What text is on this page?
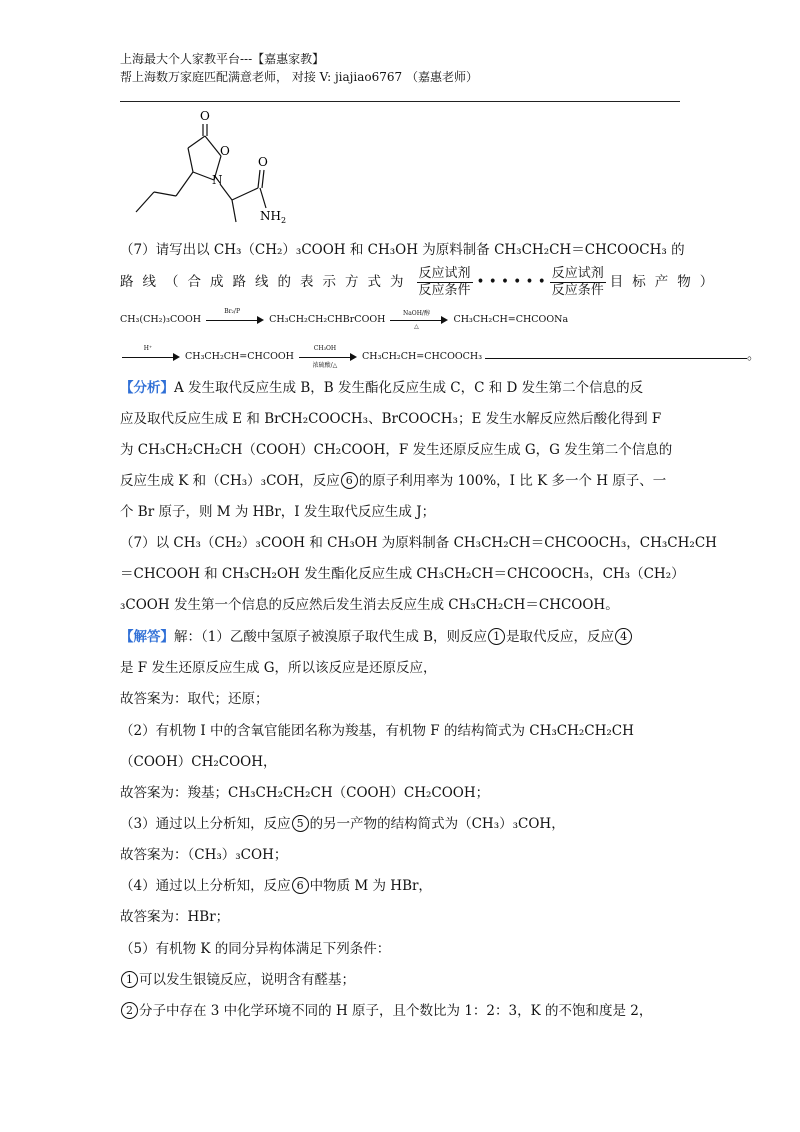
上海最大个人家教平台---【嘉惠家教】
帮上海数万家庭匹配满意老师， 对接 V: jiajiao6767 （嘉惠老师）
O
O
N
O
$NH_2$
（7）请写出以 CH₃（CH₂）₃COOH 和 CH₃OH 为原料制备 CH₃CH₂CH＝CHCOOCH₃ 的
路线（合成路线的表示方式为 $\frac{\text{反应试剂}}{\text{反应条件}}$ • • • • • • $\frac{\text{反应试剂}}{\text{反应条件}}$ 目标产物）
CH₃(CH₂)₃COOH
Br₂/P
CH₃CH₂CH₂CHBrCOOH
NaOH/醇
△
CH₃CH₂CH=CHCOONa
H⁺
CH₃CH₂CH=CHCOOH
CH₃OH
浓硫酸/△
CH₃CH₂CH=CHCOOCH₃	。
【分析】A 发生取代反应生成 B，B 发生酯化反应生成 C，C 和 D 发生第二个信息的反
应及取代反应生成 E 和 BrCH₂COOCH₃、BrCOOCH₃；E 发生水解反应然后酸化得到 F
为 CH₃CH₂CH₂CH（COOH）CH₂COOH，F 发生还原反应生成 G，G 发生第二个信息的
反应生成 K 和（CH₃）₃COH，反应 6 的原子利用率为 100%，I 比 K 多一个 H 原子、一
个 Br 原子，则 M 为 HBr，I 发生取代反应生成 J；
（7）以 CH₃（CH₂）₃COOH 和 CH₃OH 为原料制备 CH₃CH₂CH＝CHCOOCH₃，CH₃CH₂CH
＝CHCOOH 和 CH₃CH₂OH 发生酯化反应生成 CH₃CH₂CH＝CHCOOCH₃，CH₃（CH₂）
₃COOH 发生第一个信息的反应然后发生消去反应生成 CH₃CH₂CH＝CHCOOH。
【解答】解：（1）乙酸中氢原子被溴原子取代生成 B，则反应 1 是取代反应，反应 4
是 F 发生还原反应生成 G，所以该反应是还原反应，
故答案为：取代；还原；
（2）有机物 I 中的含氧官能团名称为羧基，有机物 F 的结构简式为 CH₃CH₂CH₂CH
（COOH）CH₂COOH，
故答案为：羧基；CH₃CH₂CH₂CH（COOH）CH₂COOH；
（3）通过以上分析知，反应 5 的另一产物的结构简式为（CH₃）₃COH，
故答案为：（CH₃）₃COH；
（4）通过以上分析知，反应 6 中物质 M 为 HBr，
故答案为：HBr；
（5）有机物 K 的同分异构体满足下列条件：
1 可以发生银镜反应，说明含有醛基；
2 分子中存在 3 中化学环境不同的 H 原子，且个数比为 1：2：3，K 的不饱和度是 2，
